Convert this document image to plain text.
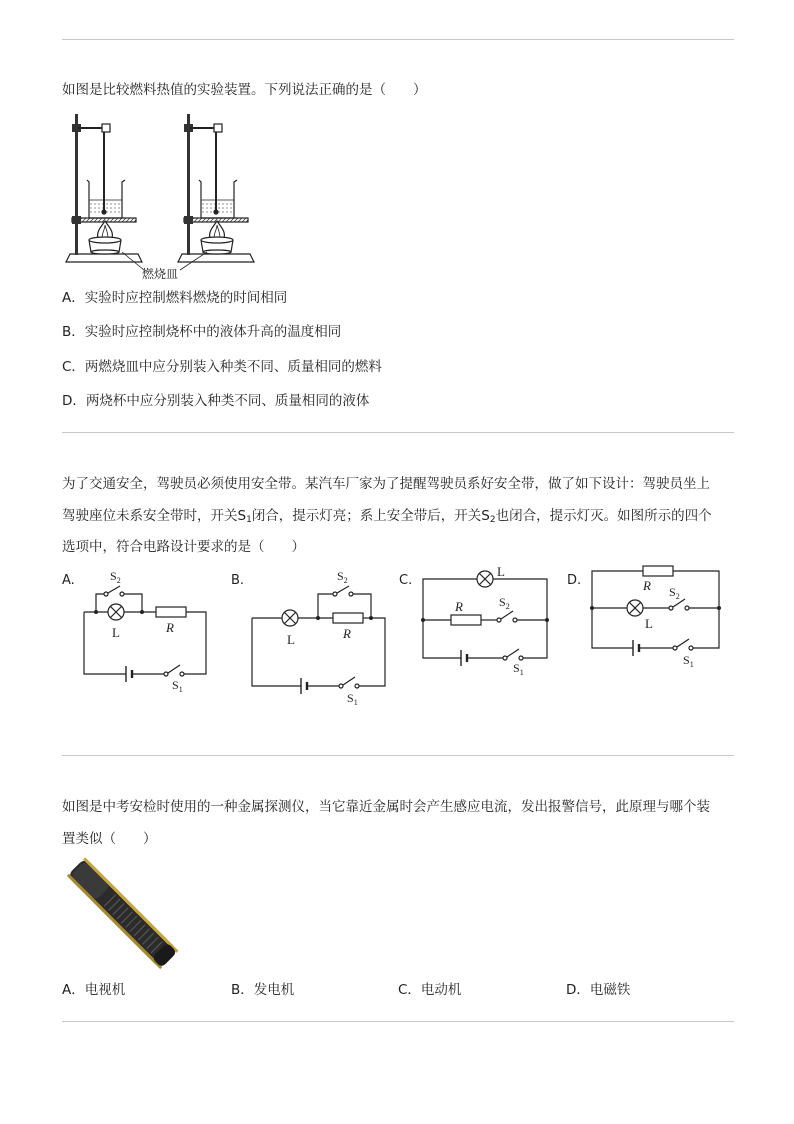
如图是比较燃料热值的实验装置。下列说法正确的是（　　）
燃烧皿
A．实验时应控制燃料燃烧的时间相同
B．实验时应控制烧杯中的液体升高的温度相同
C．两燃烧皿中应分别装入种类不同、质量相同的燃料
D．两烧杯中应分别装入种类不同、质量相同的液体
为了交通安全，驾驶员必须使用安全带。某汽车厂家为了提醒驾驶员系好安全带，做了如下设计：驾驶员坐上
驾驶座位未系安全带时，开关$S_1$闭合，提示灯亮；系上安全带后，开关$S_2$也闭合，提示灯灭。如图所示的四个
选项中，符合电路设计要求的是（　　）
A.	$S_2$
L	R
$S_1$
B.	$S_2$
L	R
$S_1$
C.
L
R	$S_2$
$S_1$
D.	R
L
$S_2$
$S_1$
如图是中考安检时使用的一种金属探测仪，当它靠近金属时会产生感应电流，发出报警信号，此原理与哪个装
置类似（　　）
A．电视机	B．发电机	C．电动机	D．电磁铁
